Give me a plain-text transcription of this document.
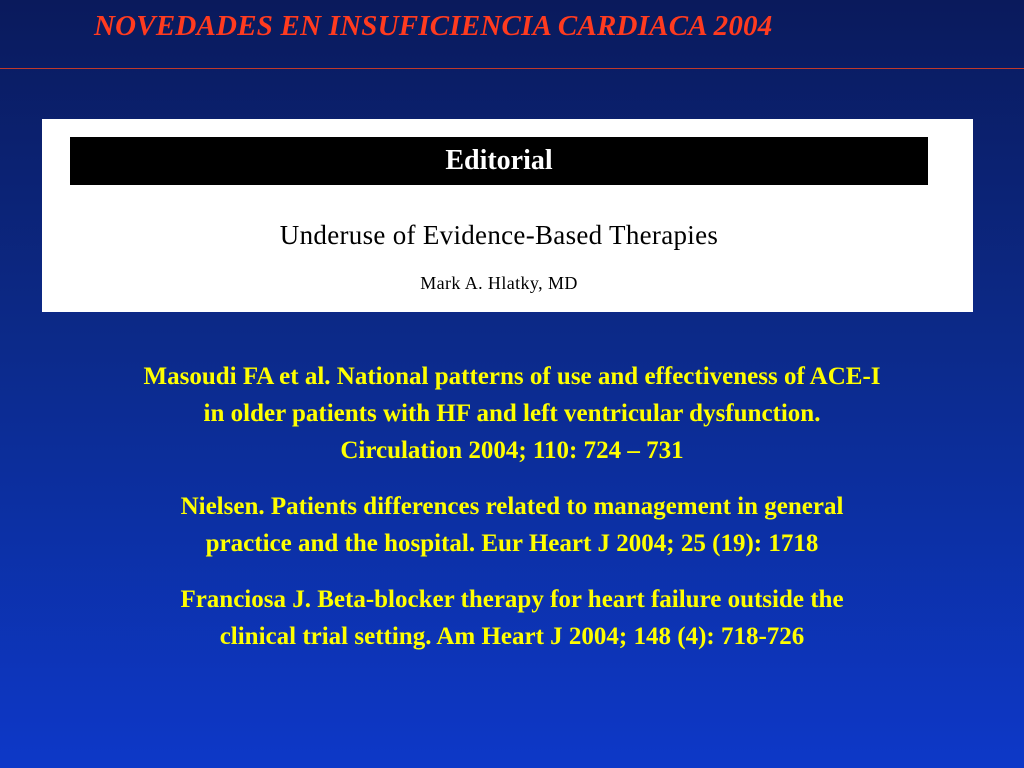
NOVEDADES EN INSUFICIENCIA CARDIACA 2004
Editorial
Underuse of Evidence-Based Therapies
Mark A. Hlatky, MD

Masoudi FA et al. National patterns of use and effectiveness of ACE-I
in older patients with HF and left ventricular dysfunction.
Circulation 2004; 110: 724 – 731

Nielsen. Patients differences related to management in general
practice and the hospital. Eur Heart J 2004; 25 (19): 1718

Franciosa J. Beta-blocker therapy for heart failure outside the
clinical trial setting. Am Heart J 2004; 148 (4): 718-726
